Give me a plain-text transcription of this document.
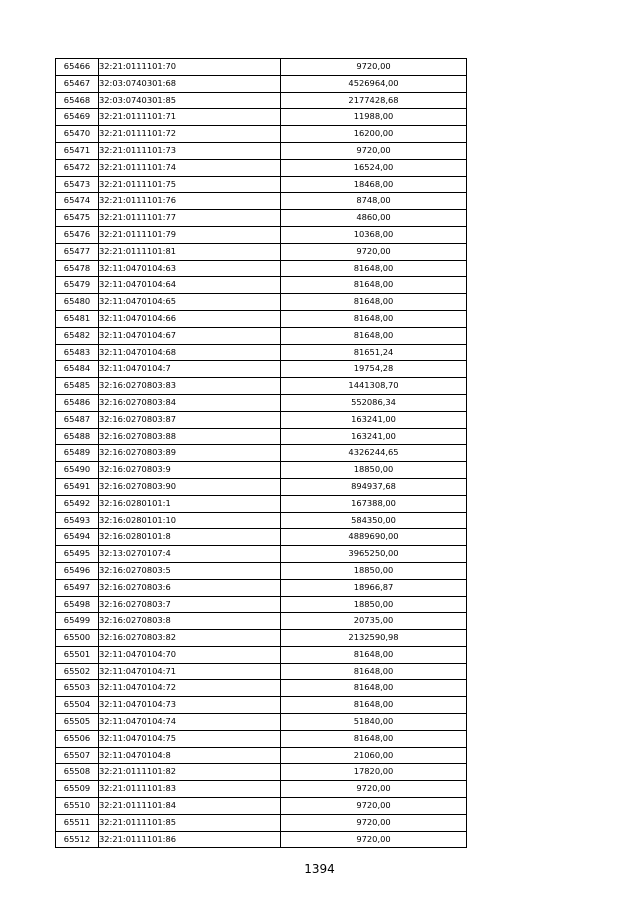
65466	32:21:0111101:70	9720,00
65467	32:03:0740301:68	4526964,00
65468	32:03:0740301:85	2177428,68
65469	32:21:0111101:71	11988,00
65470	32:21:0111101:72	16200,00
65471	32:21:0111101:73	9720,00
65472	32:21:0111101:74	16524,00
65473	32:21:0111101:75	18468,00
65474	32:21:0111101:76	8748,00
65475	32:21:0111101:77	4860,00
65476	32:21:0111101:79	10368,00
65477	32:21:0111101:81	9720,00
65478	32:11:0470104:63	81648,00
65479	32:11:0470104:64	81648,00
65480	32:11:0470104:65	81648,00
65481	32:11:0470104:66	81648,00
65482	32:11:0470104:67	81648,00
65483	32:11:0470104:68	81651,24
65484	32:11:0470104:7	19754,28
65485	32:16:0270803:83	1441308,70
65486	32:16:0270803:84	552086,34
65487	32:16:0270803:87	163241,00
65488	32:16:0270803:88	163241,00
65489	32:16:0270803:89	4326244,65
65490	32:16:0270803:9	18850,00
65491	32:16:0270803:90	894937,68
65492	32:16:0280101:1	167388,00
65493	32:16:0280101:10	584350,00
65494	32:16:0280101:8	4889690,00
65495	32:13:0270107:4	3965250,00
65496	32:16:0270803:5	18850,00
65497	32:16:0270803:6	18966,87
65498	32:16:0270803:7	18850,00
65499	32:16:0270803:8	20735,00
65500	32:16:0270803:82	2132590,98
65501	32:11:0470104:70	81648,00
65502	32:11:0470104:71	81648,00
65503	32:11:0470104:72	81648,00
65504	32:11:0470104:73	81648,00
65505	32:11:0470104:74	51840,00
65506	32:11:0470104:75	81648,00
65507	32:11:0470104:8	21060,00
65508	32:21:0111101:82	17820,00
65509	32:21:0111101:83	9720,00
65510	32:21:0111101:84	9720,00
65511	32:21:0111101:85	9720,00
65512	32:21:0111101:86	9720,00
1394
